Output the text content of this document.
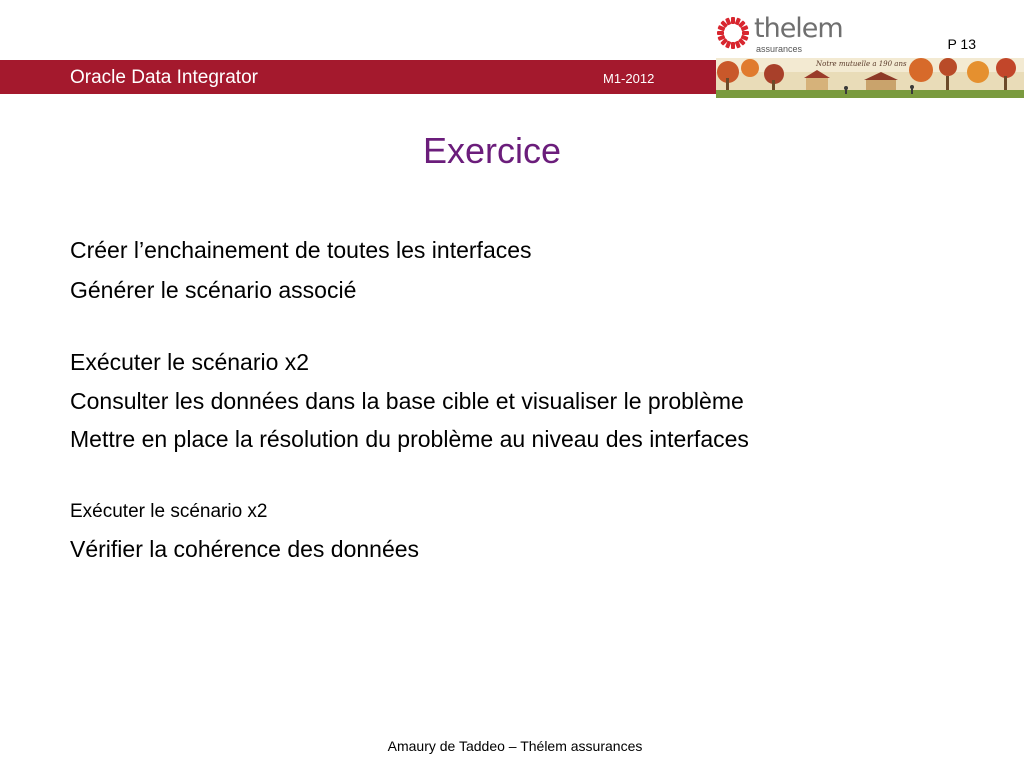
thelem
assurances	P 13
Oracle Data Integrator	M1-2012
Notre mutuelle a 190 ans
Exercice
Créer l’enchainement de toutes les interfaces
Générer le scénario associé
Exécuter le scénario x2
Consulter les données dans la base cible et visualiser le problème
Mettre en place la résolution du problème au niveau des interfaces
Exécuter le scénario x2
Vérifier la cohérence des données
Amaury de Taddeo – Thélem assurances
